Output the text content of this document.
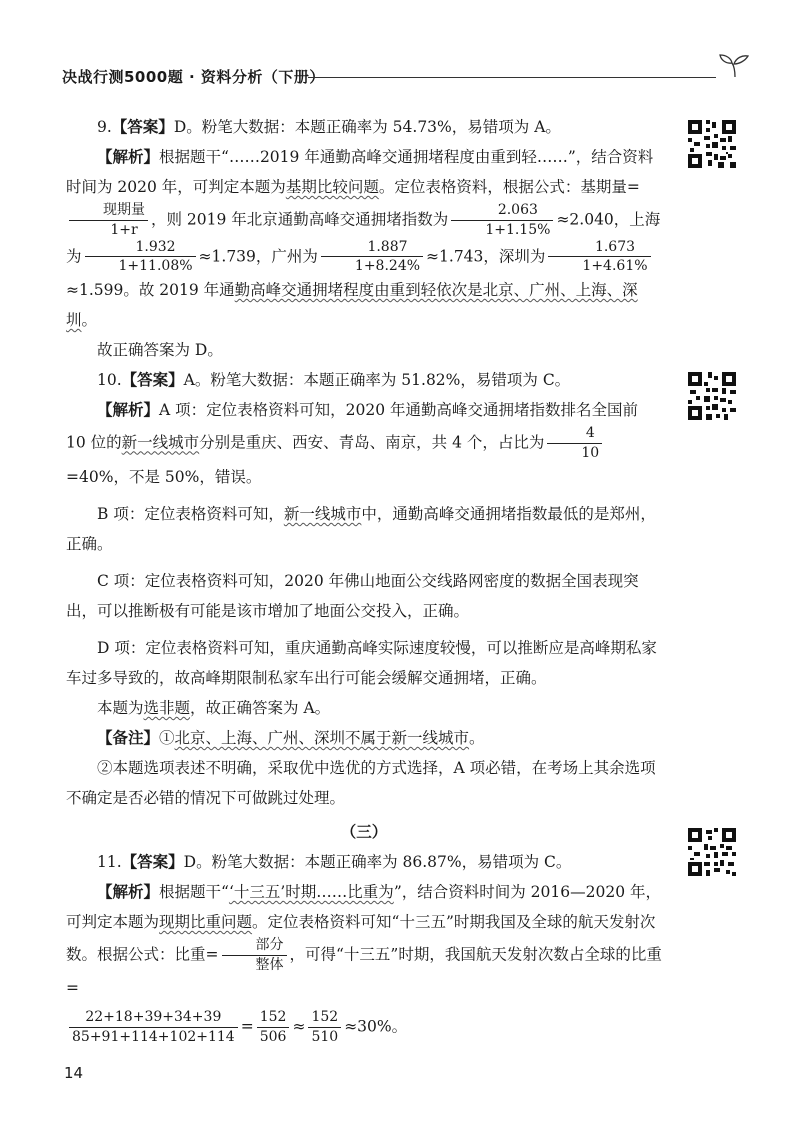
决战行测5000题 · 资料分析（下册）

9.【答案】D。粉笔大数据：本题正确率为 54.73%，易错项为 A。

【解析】根据题干“……2019 年通勤高峰交通拥堵程度由重到轻……”，结合资料时间为 2020 年，可判定本题为基期比较问题。定位表格资料，根据公式：基期量=
$\frac{\text{现期量}}{1+r}$ ，则 2019 年北京通勤高峰交通拥堵指数为 $\frac{2.063}{1+1.15\%} \approx 2.040$，上海为 $\frac{1.932}{1+11.08\%} \approx 1.739$，广州为 $\frac{1.887}{1+8.24\%} \approx 1.743$，深圳为 $\frac{1.673}{1+4.61\%}$
≈1.599。故 2019 年通勤高峰交通拥堵程度由重到轻依次是北京、广州、上海、深圳。

故正确答案为 D。

10.【答案】A。粉笔大数据：本题正确率为 51.82%，易错项为 C。

【解析】A 项：定位表格资料可知，2020 年通勤高峰交通拥堵指数排名全国前 10 位的新一线城市分别是重庆、西安、青岛、南京，共 4 个，占比为 $\frac{4}{10}$
=40%，不是 50%，错误。

B 项：定位表格资料可知，新一线城市中，通勤高峰交通拥堵指数最低的是郑州，正确。

C 项：定位表格资料可知，2020 年佛山地面公交线路网密度的数据全国表现突出，可以推断极有可能是该市增加了地面公交投入，正确。

D 项：定位表格资料可知，重庆通勤高峰实际速度较慢，可以推断应是高峰期私家车过多导致的，故高峰期限制私家车出行可能会缓解交通拥堵，正确。

本题为选非题，故正确答案为 A。

【备注】①北京、上海、广州、深圳不属于新一线城市。

②本题选项表述不明确，采取优中选优的方式选择，A 项必错，在考场上其余选项不确定是否必错的情况下可做跳过处理。

（三）

11.【答案】D。粉笔大数据：本题正确率为 86.87%，易错项为 C。

【解析】根据题干“‘十三五’时期……比重为”，结合资料时间为 2016—2020 年，可判定本题为现期比重问题。定位表格资料可知“十三五”时期我国及全球的航天发射次数。根据公式：比重= $\frac{\text{部分}}{\text{整体}}$ ，可得“十三五”时期，我国航天发射次数占全球的比重 =
$\frac{22+18+39+34+39}{85+91+114+102+114} = \frac{152}{506} \approx \frac{152}{510} \approx 30\%$。
14
